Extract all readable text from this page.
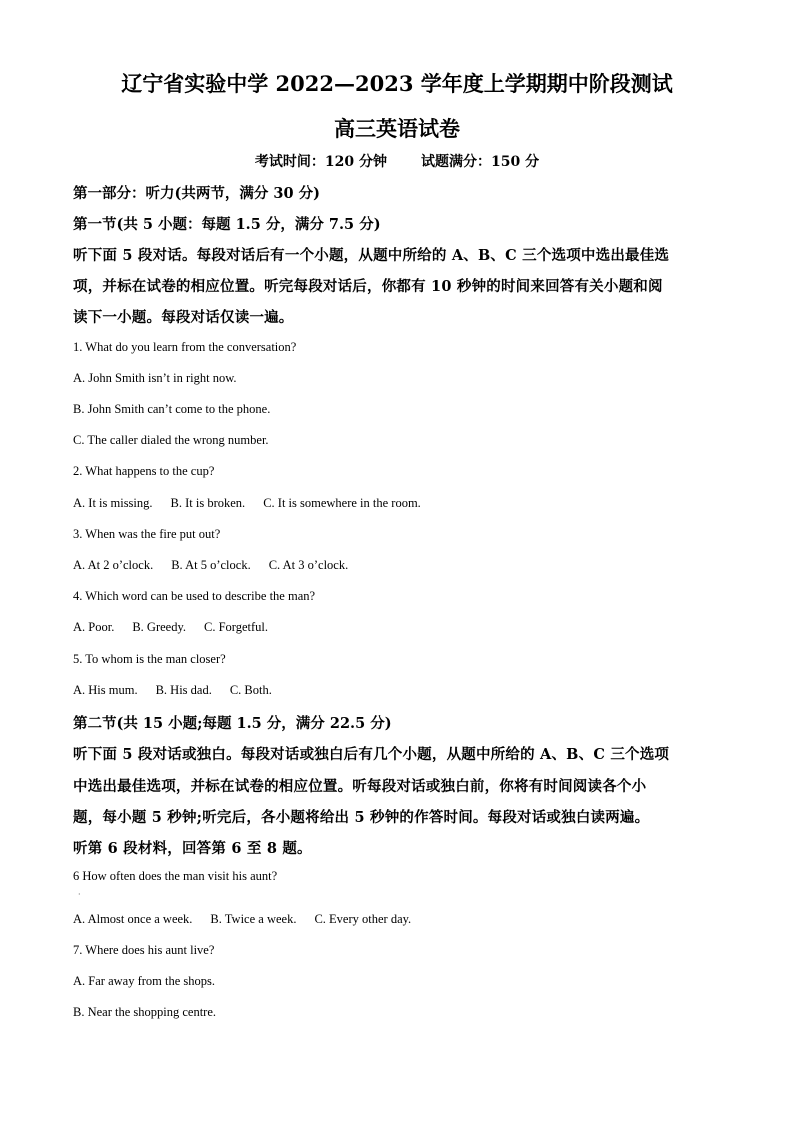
辽宁省实验中学 2022—2023 学年度上学期期中阶段测试
高三英语试卷
考试时间：120 分钟 试题满分：150 分
第一部分：听力(共两节，满分 30 分)
第一节(共 5 小题：每题 1.5 分，满分 7.5 分)
听下面 5 段对话。每段对话后有一个小题，从题中所给的 A、B、C 三个选项中选出最佳选
项，并标在试卷的相应位置。听完每段对话后，你都有 10 秒钟的时间来回答有关小题和阅
读下一小题。每段对话仅读一遍。
1. What do you learn from the conversation?
A. John Smith isn’t in right now.
B. John Smith can’t come to the phone.
C. The caller dialed the wrong number.
2. What happens to the cup?
A. It is missing. B. It is broken. C. It is somewhere in the room.
3. When was the fire put out?
A. At 2 o’clock. B. At 5 o’clock. C. At 3 o’clock.
4. Which word can be used to describe the man?
A. Poor. B. Greedy. C. Forgetful.
5. To whom is the man closer?
A. His mum. B. His dad. C. Both.
第二节(共 15 小题;每题 1.5 分，满分 22.5 分)
听下面 5 段对话或独白。每段对话或独白后有几个小题，从题中所给的 A、B、C 三个选项
中选出最佳选项，并标在试卷的相应位置。听每段对话或独白前，你将有时间阅读各个小
题，每小题 5 秒钟;听完后，各小题将给出 5 秒钟的作答时间。每段对话或独白读两遍。
听第 6 段材料，回答第 6 至 8 题。
6 How often does the man visit his aunt?
·
A. Almost once a week. B. Twice a week. C. Every other day.
7. Where does his aunt live?
A. Far away from the shops.
B. Near the shopping centre.
